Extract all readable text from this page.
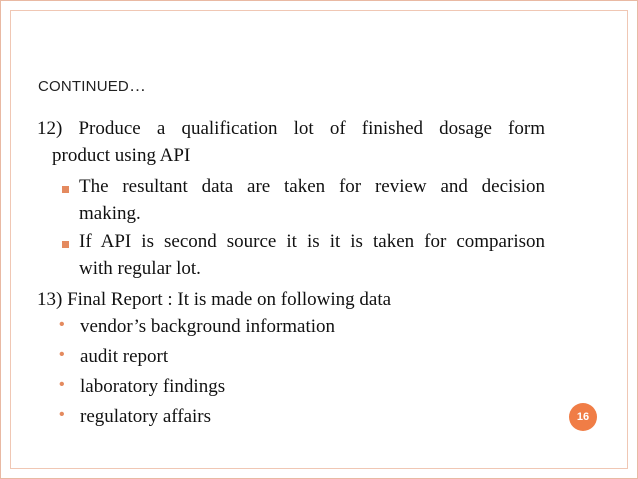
CONTINUED…
12) Produce a qualification lot of finished dosage form
product using API
The resultant data are taken for review and decision
making.
If API is second source it is it is taken for comparison
with regular lot.
13) Final Report : It is made on following data
• vendor’s background information
• audit report
• laboratory findings
• regulatory affairs	16
